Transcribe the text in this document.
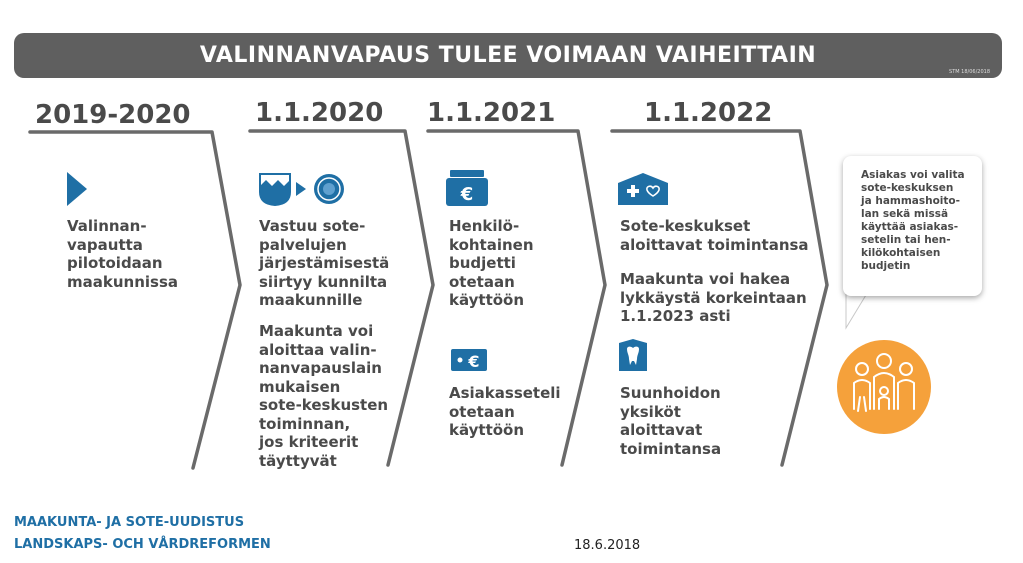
VALINNANVAPAUS TULEE VOIMAAN VAIHEITTAIN
STM 18/06/2018
2019-2020 1.1.2020 1.1.2021	1.1.2022
Valinnan-
vapautta
pilotoidaan
maakunnissa
Vastuu sote-
palvelujen
järjestämisestä
siirtyy kunnilta
maakunnille
Maakunta voi
aloittaa valin-
nanvapauslain
mukaisen
sote-keskusten
toiminnan,
jos kriteerit
täyttyvät
€
Henkilö-
kohtainen
budjetti
otetaan
käyttöön
€
Asiakasseteli
otetaan
käyttöön
Sote-keskukset
aloittavat toimintansa
Maakunta voi hakea
lykkäystä korkeintaan
1.1.2023 asti
Suunhoidon
yksiköt
aloittavat
toimintansa
Asiakas voi valita
sote-keskuksen
ja hammashoito-
lan sekä missä
käyttää asiakas-
setelin tai hen-
kilökohtaisen
budjetin
MAAKUNTA- JA SOTE-UUDISTUS
LANDSKAPS- OCH VÅRDREFORMEN	18.6.2018
